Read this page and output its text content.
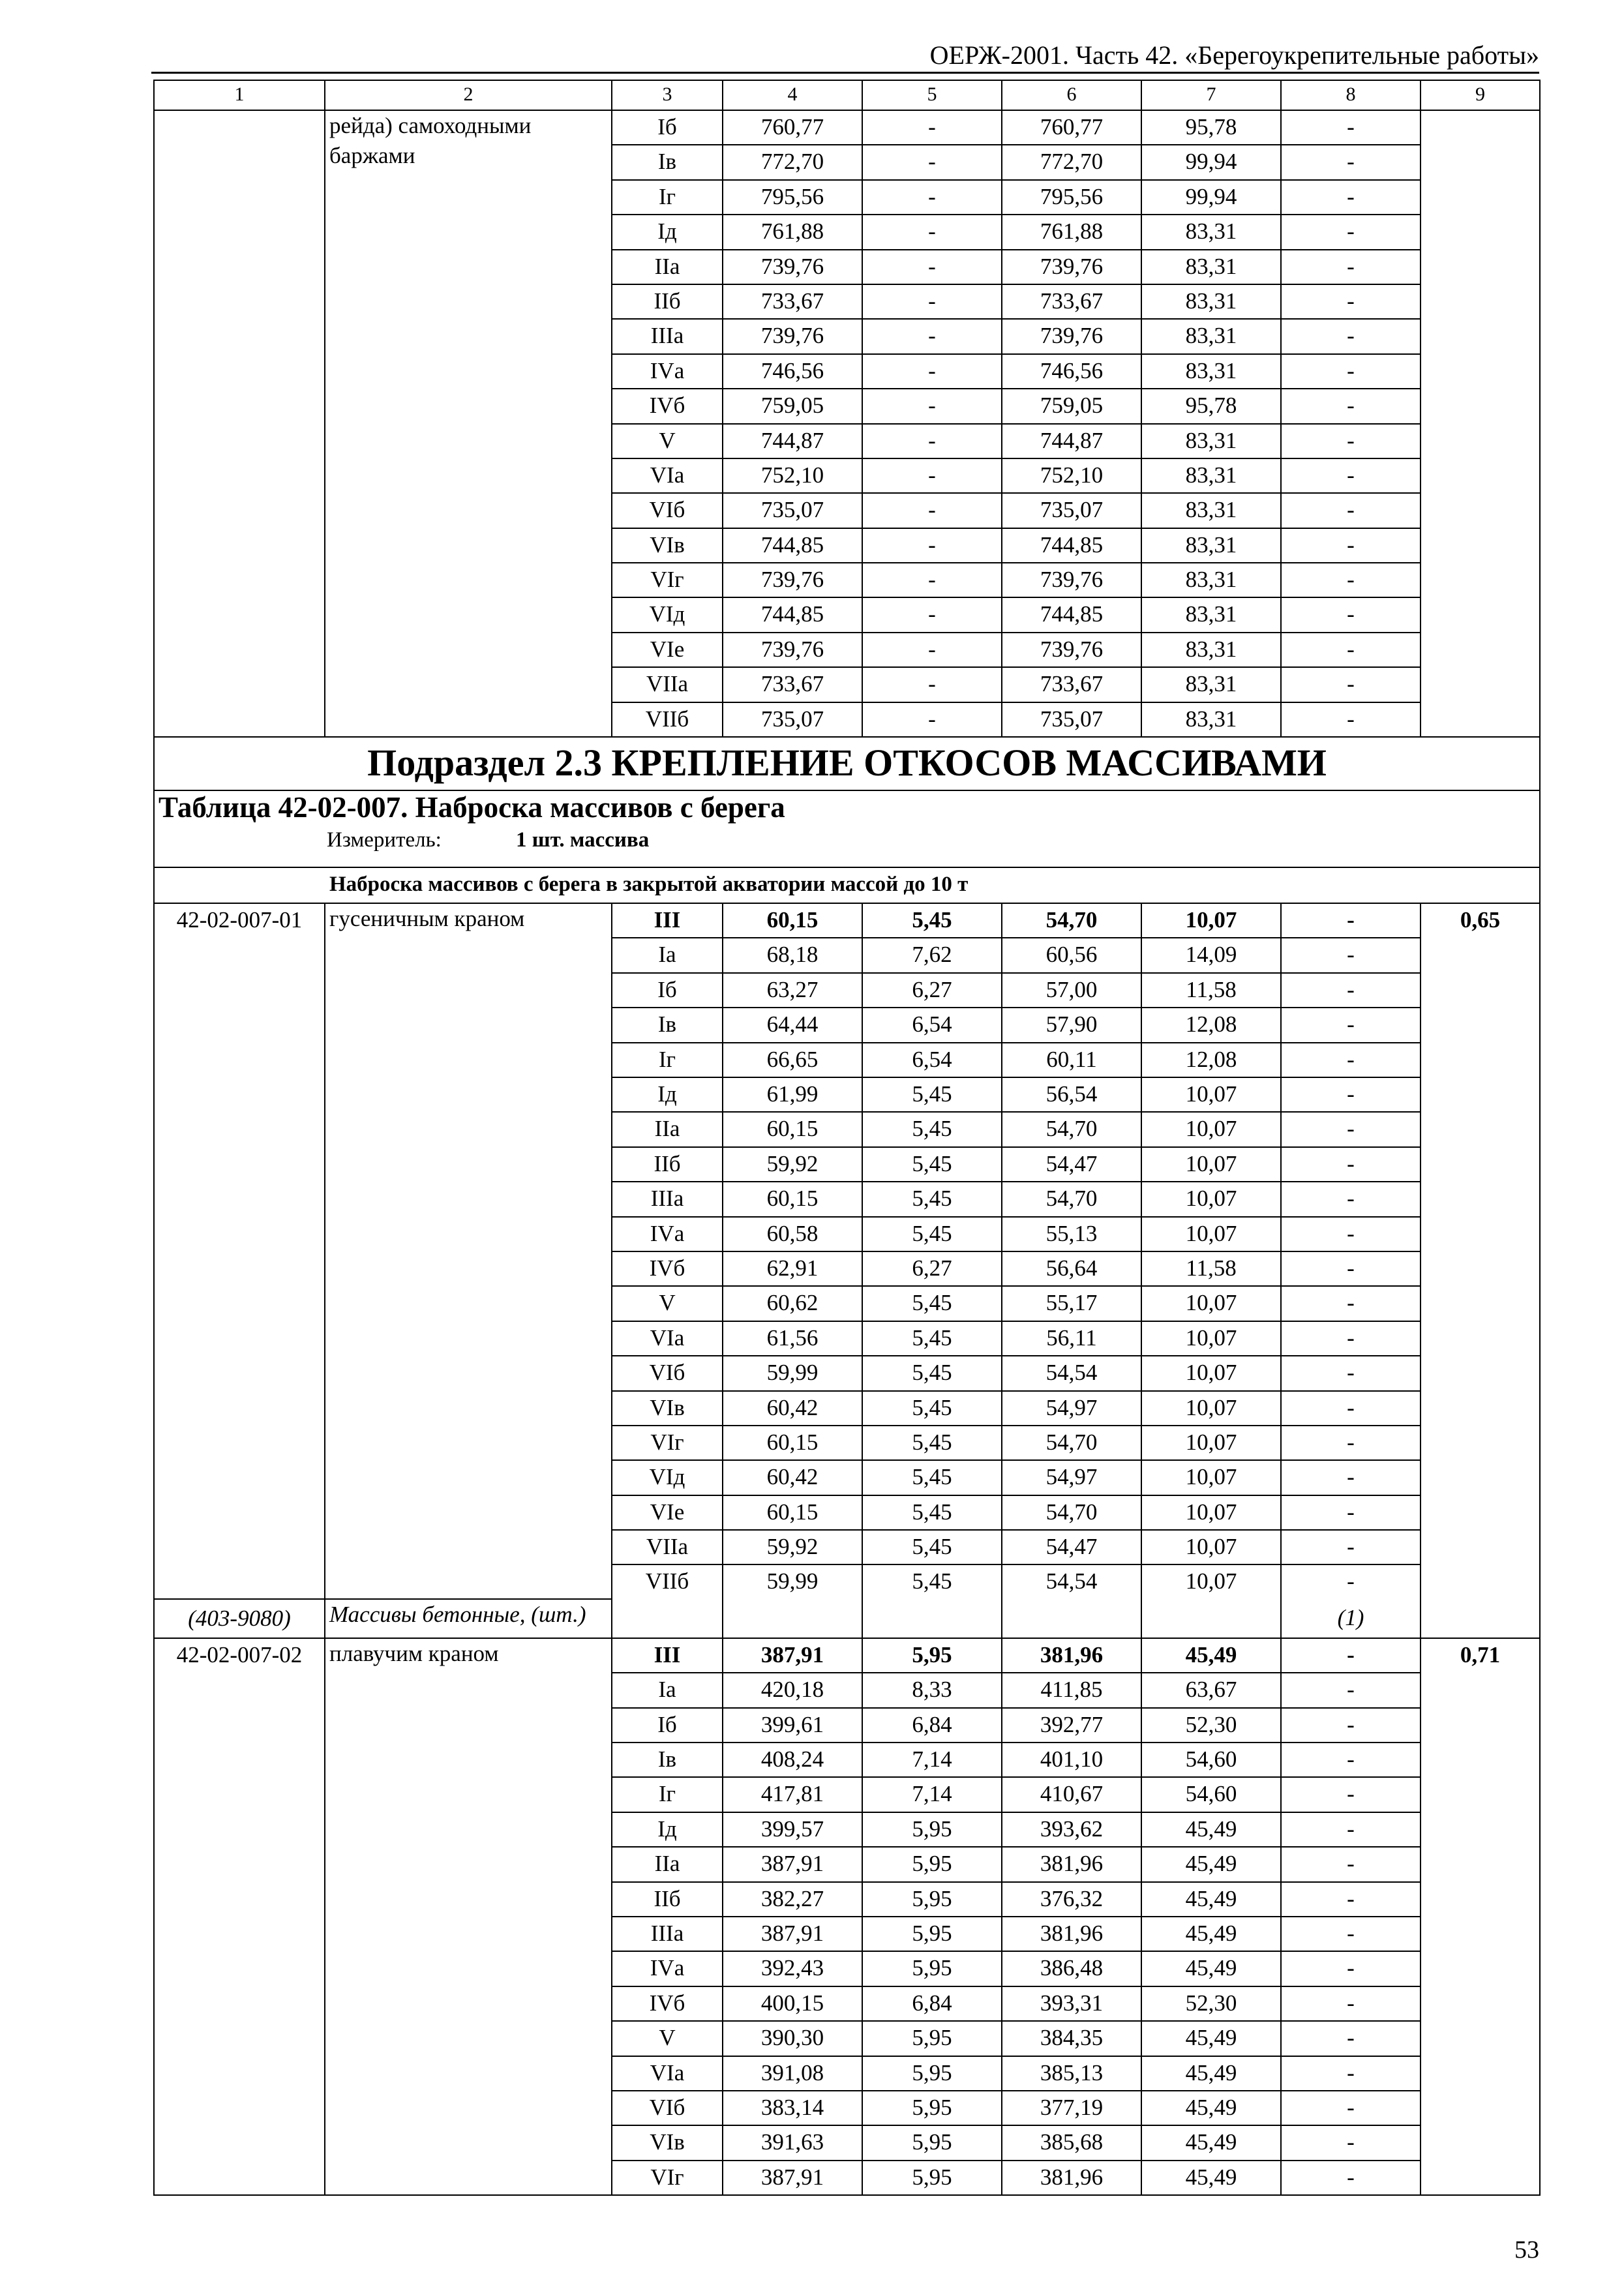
ОЕРЖ-2001. Часть 42. «Берегоукрепительные работы»
1	2	3	4	5	6	7	8	9
	рейда) самоходными баржами	Iб	760,77	-	760,77	95,78	-	
		Iв	772,70	-	772,70	99,94	-	
		Iг	795,56	-	795,56	99,94	-	
		Iд	761,88	-	761,88	83,31	-	
		IIа	739,76	-	739,76	83,31	-	
		IIб	733,67	-	733,67	83,31	-	
		IIIа	739,76	-	739,76	83,31	-	
		IVа	746,56	-	746,56	83,31	-	
		IVб	759,05	-	759,05	95,78	-	
		V	744,87	-	744,87	83,31	-	
		VIа	752,10	-	752,10	83,31	-	
		VIб	735,07	-	735,07	83,31	-	
		VIв	744,85	-	744,85	83,31	-	
		VIг	739,76	-	739,76	83,31	-	
		VIд	744,85	-	744,85	83,31	-	
		VIе	739,76	-	739,76	83,31	-	
		VIIа	733,67	-	733,67	83,31	-	
		VIIб	735,07	-	735,07	83,31	-	
Подраздел 2.3 КРЕПЛЕНИЕ ОТКОСОВ МАССИВАМИ								

Таблица 42-02-007. Наброска массивов с берега
Измеритель: 1 шт. массива								

Наброска массивов с берега в закрытой акватории массой до 10 т								
42-02-007-01	гусеничным краном	III	60,15	5,45	54,70	10,07	-	0,65
		Iа	68,18	7,62	60,56	14,09	-	
		Iб	63,27	6,27	57,00	11,58	-	
		Iв	64,44	6,54	57,90	12,08	-	
		Iг	66,65	6,54	60,11	12,08	-	
		Iд	61,99	5,45	56,54	10,07	-	
		IIа	60,15	5,45	54,70	10,07	-	
		IIб	59,92	5,45	54,47	10,07	-	
		IIIа	60,15	5,45	54,70	10,07	-	
		IVа	60,58	5,45	55,13	10,07	-	
		IVб	62,91	6,27	56,64	11,58	-	
		V	60,62	5,45	55,17	10,07	-	
		VIа	61,56	5,45	56,11	10,07	-	
		VIб	59,99	5,45	54,54	10,07	-	
		VIв	60,42	5,45	54,97	10,07	-	
		VIг	60,15	5,45	54,70	10,07	-	
		VIд	60,42	5,45	54,97	10,07	-	
		VIе	60,15	5,45	54,70	10,07	-	
		VIIа	59,92	5,45	54,47	10,07	-	
		VIIб	59,99	5,45	54,54	10,07	-	
(403-9080)	Массивы бетонные, (шт.)						(1)	
42-02-007-02	плавучим краном	III	387,91	5,95	381,96	45,49	-	0,71
		Iа	420,18	8,33	411,85	63,67	-	
		Iб	399,61	6,84	392,77	52,30	-	
		Iв	408,24	7,14	401,10	54,60	-	
		Iг	417,81	7,14	410,67	54,60	-	
		Iд	399,57	5,95	393,62	45,49	-	
		IIа	387,91	5,95	381,96	45,49	-	
		IIб	382,27	5,95	376,32	45,49	-	
		IIIа	387,91	5,95	381,96	45,49	-	
		IVа	392,43	5,95	386,48	45,49	-	
		IVб	400,15	6,84	393,31	52,30	-	
		V	390,30	5,95	384,35	45,49	-	
		VIа	391,08	5,95	385,13	45,49	-	
		VIб	383,14	5,95	377,19	45,49	-	
		VIв	391,63	5,95	385,68	45,49	-	
		VIг	387,91	5,95	381,96	45,49	-	
53
